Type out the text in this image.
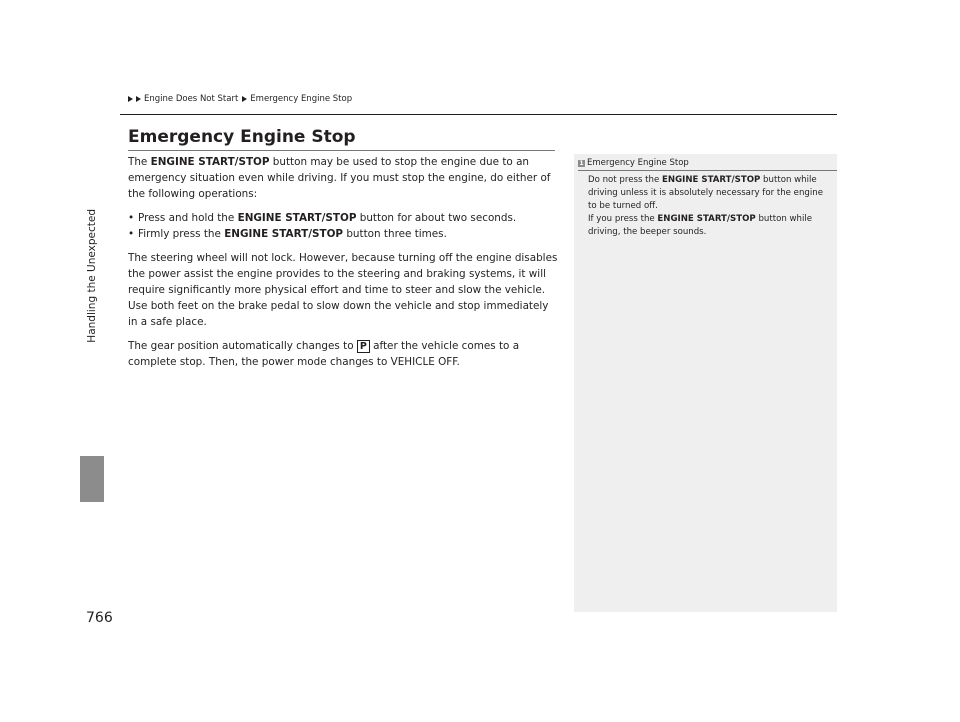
Engine Does Not Start Emergency Engine Stop
Handling the Unexpected
766
Emergency Engine Stop

The ENGINE START/STOP button may be used to stop the engine due to an emergency situation even while driving. If you must stop the engine, do either of the following operations:

• Press and hold the ENGINE START/STOP button for about two seconds.
• Firmly press the ENGINE START/STOP button three times.

The steering wheel will not lock. However, because turning off the engine disables the power assist the engine provides to the steering and braking systems, it will require significantly more physical effort and time to steer and slow the vehicle. Use both feet on the brake pedal to slow down the vehicle and stop immediately in a safe place.

The gear position automatically changes to P after the vehicle comes to a complete stop. Then, the power mode changes to VEHICLE OFF.

1 Emergency Engine Stop
Do not press the ENGINE START/STOP button while driving unless it is absolutely necessary for the engine to be turned off.
If you press the ENGINE START/STOP button while driving, the beeper sounds.
